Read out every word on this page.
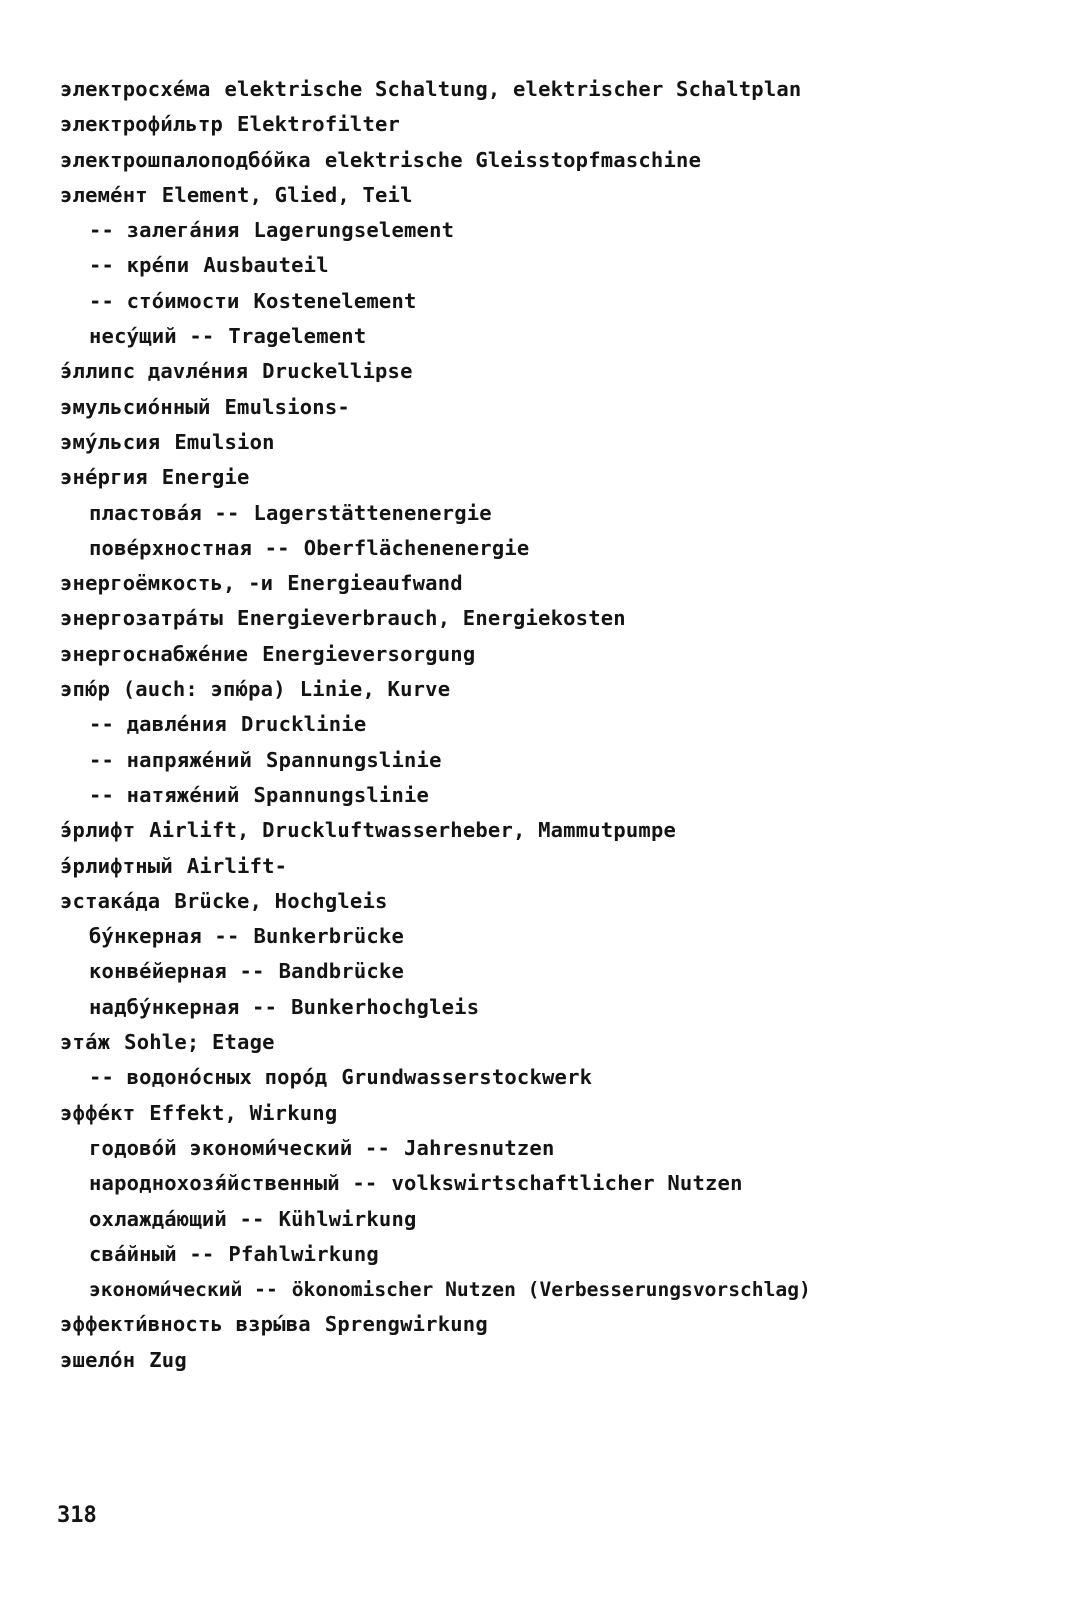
электросхе́ма elektrische Schaltung, elektrischer Schaltplan
электрофи́льтр Elektrofilter
электрошпалоподбо́йка elektrische Gleisstopfmaschine
элеме́нт Element, Glied, Teil
-- залега́ния Lagerungselement
-- кре́пи Ausbauteil
-- сто́имости Kostenelement
несу́щий -- Tragelement
э́ллипс дavле́ния Druckellipse
эмульсио́нный Emulsions-
эму́льсия Emulsion
эне́ргия Energie
пластова́я -- Lagerstättenenergie
пове́рхностная -- Oberflächenenergie
энергоёмкость, -и Energieaufwand
энергозатра́ты Energieverbrauch, Energiekosten
энергоснабже́ние Energieversorgung
эпю́р (auch: эпю́ра) Linie, Kurve
-- давле́ния Drucklinie
-- напряже́ний Spannungslinie
-- натяже́ний Spannungslinie
э́рлифт Airlift, Druckluftwasserheber, Mammutpumpe
э́рлифтный Airlift-
эстака́да Brücke, Hochgleis
бу́нкерная -- Bunkerbrücke
конве́йерная -- Bandbrücke
надбу́нкерная -- Bunkerhochgleis
эта́ж Sohle; Etage
-- водоно́сных поро́д Grundwasserstockwerk
эффе́кт Effekt, Wirkung
годово́й экономи́ческий -- Jahresnutzen
народнохозя́йственный -- volkswirtschaftlicher Nutzen
охлажда́ющий -- Kühlwirkung
сва́йный -- Pfahlwirkung
экономи́ческий -- ökonomischer Nutzen (Verbesserungsvorschlag)
эффекти́вность взры́ва Sprengwirkung
эшело́н Zug
318
